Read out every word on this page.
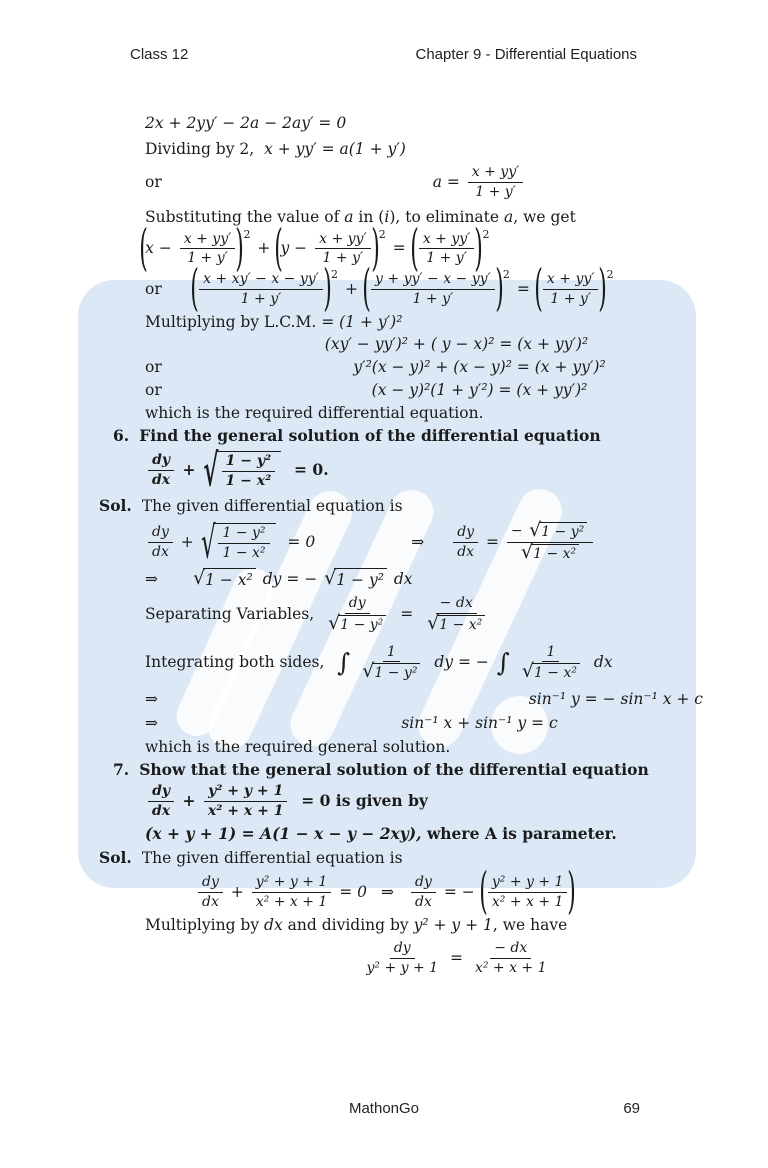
Class 12	Chapter 9 - Differential Equations
2x + 2yy′ − 2a − 2ay′ = 0
Dividing by 2, x + yy′ = a(1 + y′)
or	$a = \frac{x + yy'}{1 + y'}$
Substituting the value of a in ( i ), to eliminate a , we get
(
$x - \frac{x + yy'}{1 + y'} )^2$
+ (
$y - \frac{x + yy'}{1 + y'} )^2$
= ( $\frac{x + yy'}{1 + y'} )^2$
or ( $\frac{x + xy' - x - yy'}{1 + y'} )^2$
+ ( $\frac{y + yy' - x - yy'}{1 + y'} )^2$
= ( $\frac{x + yy'}{1 + y'} )^2$
Multiplying by L.C.M. = (1 + y′)²
(xy′ − yy′)² + ( y − x)² = (x + yy′)²
or	y′²(x − y)² + (x − y)² = (x + yy′)²
or	(x − y)²(1 + y′²) = (x + yy′)²
which is the required differential equation.
6. Find the general solution of the differential equation
$\frac{dy}{dx}$ + √ $\frac{\text{1 − y²}}{\text{1 − x²}} = 0$.
Sol. The given differential equation is
$\frac{dy}{dx}$ + √ $\frac{\text{1 − y²}}{\text{1 − x²}} = 0$	⇒ $\frac{dy}{dx} = \frac{\text{− √ 1 − y²}}{\text{√ 1 − x²}}$
⇒	√ 1 − x² dy = − √ 1 − y² dx
Separating Variables, $\frac{dy}{\text{√ 1 − y²}} = \frac{- dx}{\text{√ 1 − x²}}$
Integrating both sides, ∫ $\frac{1}{\text{√ 1 − y²}}$ dy = − ∫ $\frac{1}{\text{√ 1 − x²}}$ dx
⇒	sin⁻¹ y = − sin⁻¹ x + c
⇒	sin⁻¹ x + sin⁻¹ y = c
which is the required general solution.
7. Show that the general solution of the differential equation
$\frac{dy}{dx} + \frac{\text{y² + y + 1}}{\text{x² + x + 1}} = 0$ is given by
(x + y + 1) = A(1 − x − y − 2xy), where A is parameter.
Sol. The given differential equation is
$\frac{dy}{dx} + \frac{\text{y² + y + 1}}{\text{x² + x + 1}} = 0$ ⇒ $\frac{dy}{dx}$ = − ( $\frac{\text{y² + y + 1}}{\text{x² + x + 1}}$ )
Multiplying by dx and dividing by y² + y + 1 , we have
$\frac{dy}{\text{y² + y + 1}} = \frac{- dx}{\text{x² + x + 1}}$
MathonGo	69
